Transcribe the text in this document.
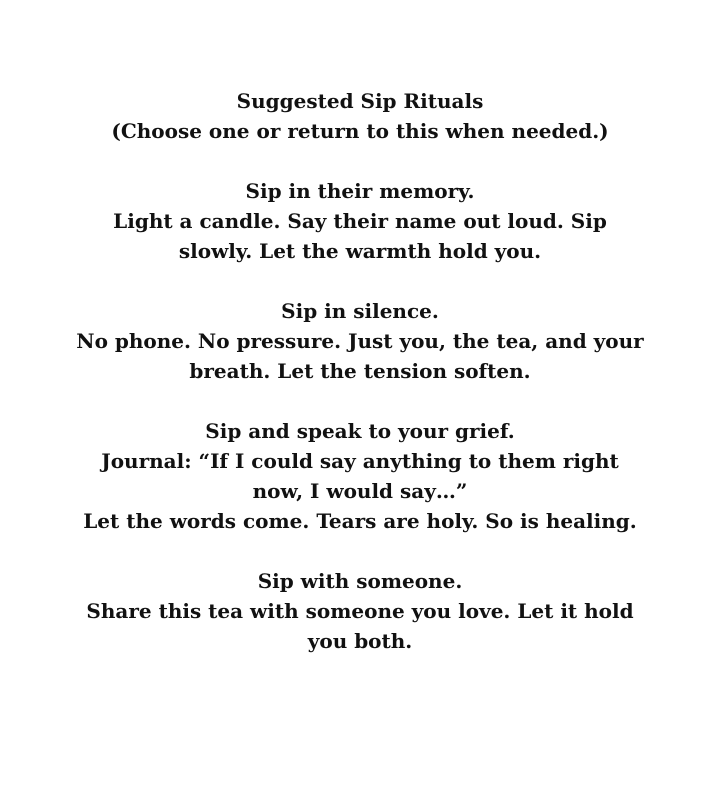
Suggested Sip Rituals
(Choose one or return to this when needed.)
Sip in their memory.
Light a candle. Say their name out loud. Sip slowly. Let the warmth hold you.
Sip in silence.
No phone. No pressure. Just you, the tea, and your breath. Let the tension soften.
Sip and speak to your grief.
Journal: “If I could say anything to them right now, I would say…”
Let the words come. Tears are holy. So is healing.
Sip with someone.
Share this tea with someone you love. Let it hold you both.
